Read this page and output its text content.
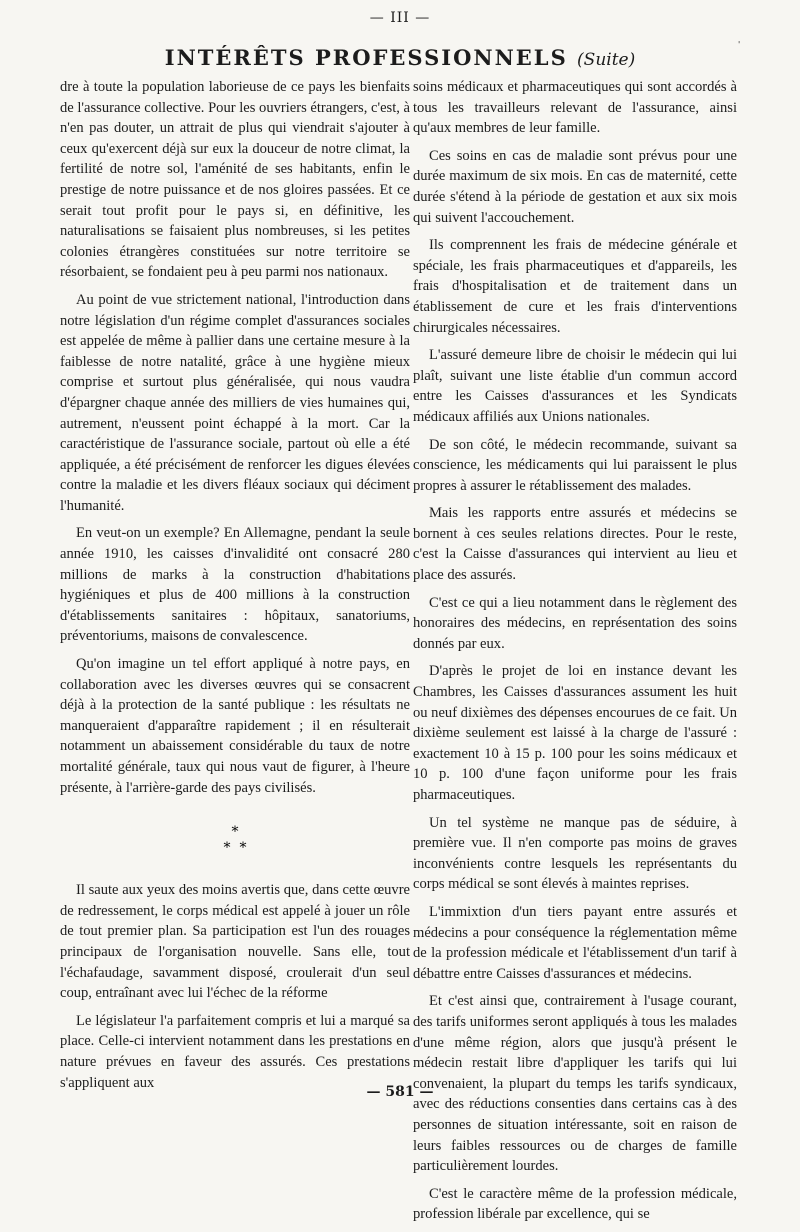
— III —
INTÉRÊTS PROFESSIONNELS (Suite)
'

dre à toute la population laborieuse de ce pays les bienfaits de l'assurance collective. Pour les ouvriers étrangers, c'est, à n'en pas douter, un attrait de plus qui viendrait s'ajouter à ceux qu'exercent déjà sur eux la douceur de notre climat, la fertilité de notre sol, l'aménité de ses habitants, enfin le prestige de notre puissance et de nos gloires passées. Et ce serait tout profit pour le pays si, en définitive, les naturalisations se faisaient plus nombreuses, si les petites colonies étrangères constituées sur notre territoire se résorbaient, se fondaient peu à peu parmi nos nationaux.

Au point de vue strictement national, l'introduction dans notre législation d'un régime complet d'assurances sociales est appelée de même à pallier dans une certaine mesure à la faiblesse de notre natalité, grâce à une hygiène mieux comprise et surtout plus généralisée, qui nous vaudra d'épargner chaque année des milliers de vies humaines qui, autrement, n'eussent point échappé à la mort. Car la caractéristique de l'assurance sociale, partout où elle a été appliquée, a été précisément de renforcer les digues élevées contre la maladie et les divers fléaux sociaux qui déciment l'humanité.

En veut-on un exemple? En Allemagne, pendant la seule année 1910, les caisses d'invalidité ont consacré 280 millions de marks à la construction d'habitations hygiéniques et plus de 400 millions à la construction d'établissements sanitaires : hôpitaux, sanatoriums, préventoriums, maisons de convalescence.

Qu'on imagine un tel effort appliqué à notre pays, en collaboration avec les diverses œuvres qui se consacrent déjà à la protection de la santé publique : les résultats ne manqueraient d'apparaître rapidement ; il en résulterait notamment un abaissement considérable du taux de notre mortalité générale, taux qui nous vaut de figurer, à l'heure présente, à l'arrière-garde des pays civilisés.

*
* *

Il saute aux yeux des moins avertis que, dans cette œuvre de redressement, le corps médical est appelé à jouer un rôle de tout premier plan. Sa participation est l'un des rouages principaux de l'organisation nouvelle. Sans elle, tout l'échafaudage, savamment disposé, croulerait d'un seul coup, entraînant avec lui l'échec de la réforme

Le législateur l'a parfaitement compris et lui a marqué sa place. Celle-ci intervient notamment dans les prestations en nature prévues en faveur des assurés. Ces prestations s'appliquent aux

soins médicaux et pharmaceutiques qui sont accordés à tous les travailleurs relevant de l'assurance, ainsi qu'aux membres de leur famille.

Ces soins en cas de maladie sont prévus pour une durée maximum de six mois. En cas de maternité, cette durée s'étend à la période de gestation et aux six mois qui suivent l'accouchement.

Ils comprennent les frais de médecine générale et spéciale, les frais pharmaceutiques et d'appareils, les frais d'hospitalisation et de traitement dans un établissement de cure et les frais d'interventions chirurgicales nécessaires.

L'assuré demeure libre de choisir le médecin qui lui plaît, suivant une liste établie d'un commun accord entre les Caisses d'assurances et les Syndicats médicaux affiliés aux Unions nationales.

De son côté, le médecin recommande, suivant sa conscience, les médicaments qui lui paraissent le plus propres à assurer le rétablissement des malades.

Mais les rapports entre assurés et médecins se bornent à ces seules relations directes. Pour le reste, c'est la Caisse d'assurances qui intervient au lieu et place des assurés.

C'est ce qui a lieu notamment dans le règlement des honoraires des médecins, en représentation des soins donnés par eux.

D'après le projet de loi en instance devant les Chambres, les Caisses d'assurances assument les huit ou neuf dixièmes des dépenses encourues de ce fait. Un dixième seulement est laissé à la charge de l'assuré : exactement 10 à 15 p. 100 pour les soins médicaux et 10 p. 100 d'une façon uniforme pour les frais pharmaceutiques.

Un tel système ne manque pas de séduire, à première vue. Il n'en comporte pas moins de graves inconvénients contre lesquels les représentants du corps médical se sont élevés à maintes reprises.

L'immixtion d'un tiers payant entre assurés et médecins a pour conséquence la réglementation même de la profession médicale et l'établissement d'un tarif à débattre entre Caisses d'assurances et médecins.

Et c'est ainsi que, contrairement à l'usage courant, des tarifs uniformes seront appliqués à tous les malades d'une même région, alors que jusqu'à présent le médecin restait libre d'appliquer les tarifs qui lui convenaient, la plupart du temps les tarifs syndicaux, avec des réductions consenties dans certains cas à des personnes de situation intéressante, soit en raison de leurs faibles ressources ou de charges de famille particulièrement lourdes.

C'est le caractère même de la profession médicale, profession libérale par excellence, qui se

— 581 —
